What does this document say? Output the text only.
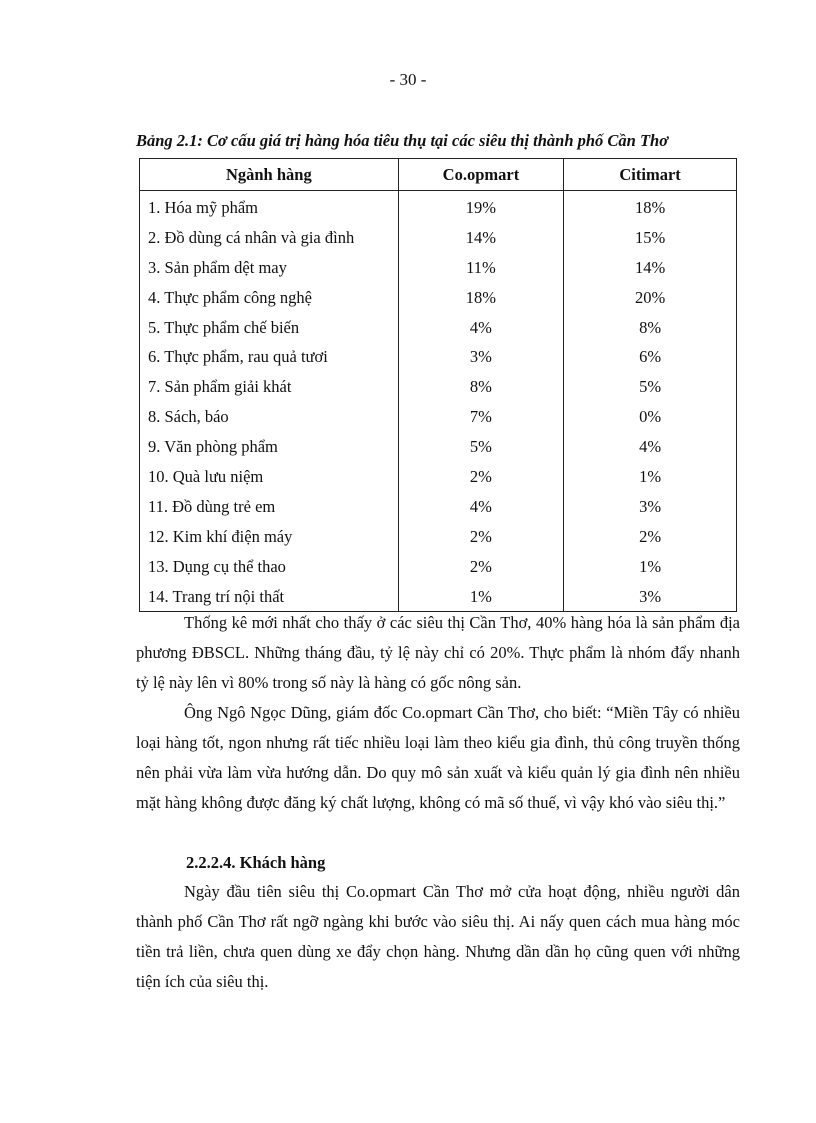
- 30 -
Bảng 2.1: Cơ cấu giá trị hàng hóa tiêu thụ tại các siêu thị thành phố Cần Thơ
Ngành hàng	Co.opmart	Citimart
1. Hóa mỹ phẩm	19%	18%
2. Đồ dùng cá nhân và gia đình	14%	15%
3. Sản phẩm dệt may	11%	14%
4. Thực phẩm công nghệ	18%	20%
5. Thực phẩm chế biến	4%	8%
6. Thực phẩm, rau quả tươi	3%	6%
7. Sản phẩm giải khát	8%	5%
8. Sách, báo	7%	0%
9. Văn phòng phẩm	5%	4%
10. Quà lưu niệm	2%	1%
11. Đồ dùng trẻ em	4%	3%
12. Kim khí điện máy	2%	2%
13. Dụng cụ thể thao	2%	1%
14. Trang trí nội thất	1%	3%

Thống kê mới nhất cho thấy ở các siêu thị Cần Thơ, 40% hàng hóa là sản phẩm địa phương ĐBSCL. Những tháng đầu, tỷ lệ này chỉ có 20%. Thực phẩm là nhóm đẩy nhanh tỷ lệ này lên vì 80% trong số này là hàng có gốc nông sản.

Ông Ngô Ngọc Dũng, giám đốc Co.opmart Cần Thơ, cho biết: “Miền Tây có nhiều loại hàng tốt, ngon nhưng rất tiếc nhiều loại làm theo kiểu gia đình, thủ công truyền thống nên phải vừa làm vừa hướng dẫn. Do quy mô sản xuất và kiểu quản lý gia đình nên nhiều mặt hàng không được đăng ký chất lượng, không có mã số thuế, vì vậy khó vào siêu thị.”

2.2.2.4. Khách hàng

Ngày đầu tiên siêu thị Co.opmart Cần Thơ mở cửa hoạt động, nhiều người dân thành phố Cần Thơ rất ngỡ ngàng khi bước vào siêu thị. Ai nấy quen cách mua hàng móc tiền trả liền, chưa quen dùng xe đẩy chọn hàng. Nhưng dần dần họ cũng quen với những tiện ích của siêu thị.
